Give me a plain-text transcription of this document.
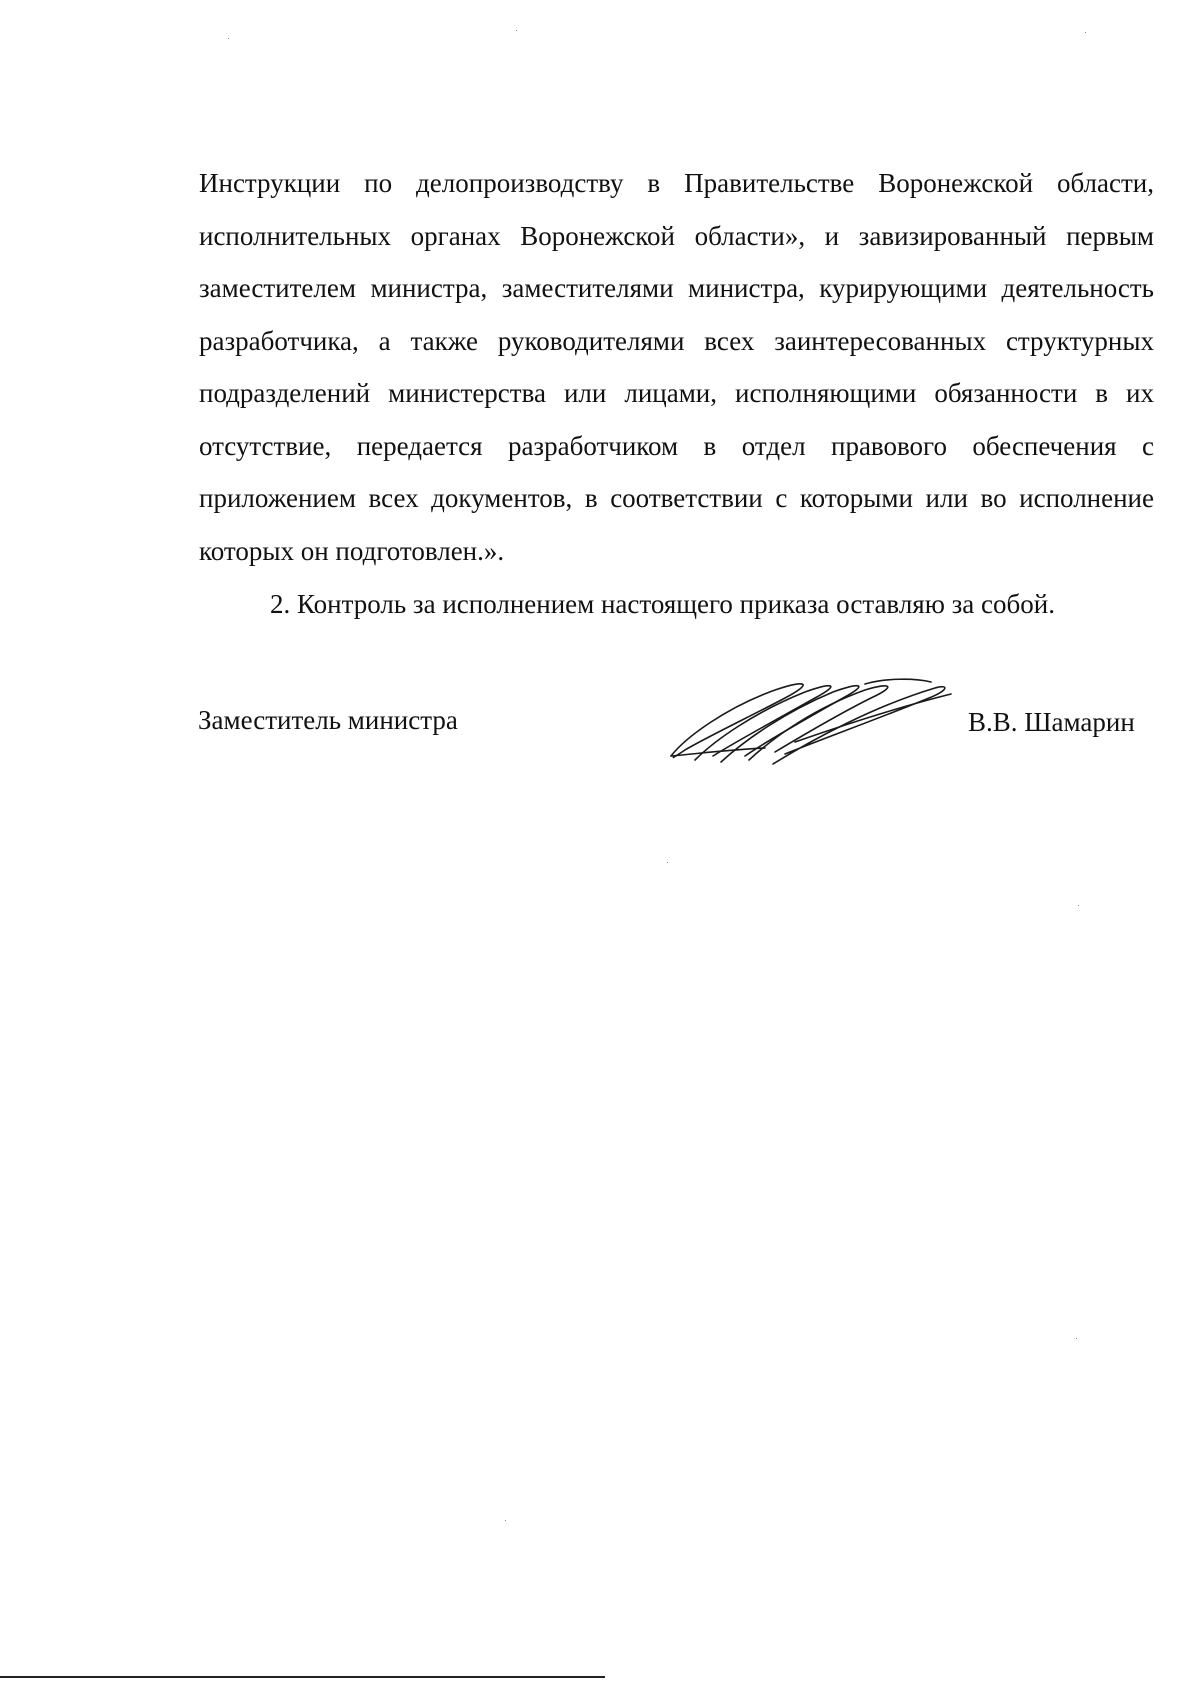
Инструкции по делопроизводству в Правительстве Воронежской области, исполнительных органах Воронежской области», и завизированный первым заместителем министра, заместителями министра, курирующими деятельность разработчика, а также руководителями всех заинтересованных структурных подразделений министерства или лицами, исполняющими обязанности в их отсутствие, передается разработчиком в отдел правового обеспечения с приложением всех документов, в соответствии с которыми или во исполнение которых он подготовлен.».

2. Контроль за исполнением настоящего приказа оставляю за собой.

Заместитель министра	В.В. Шамарин
